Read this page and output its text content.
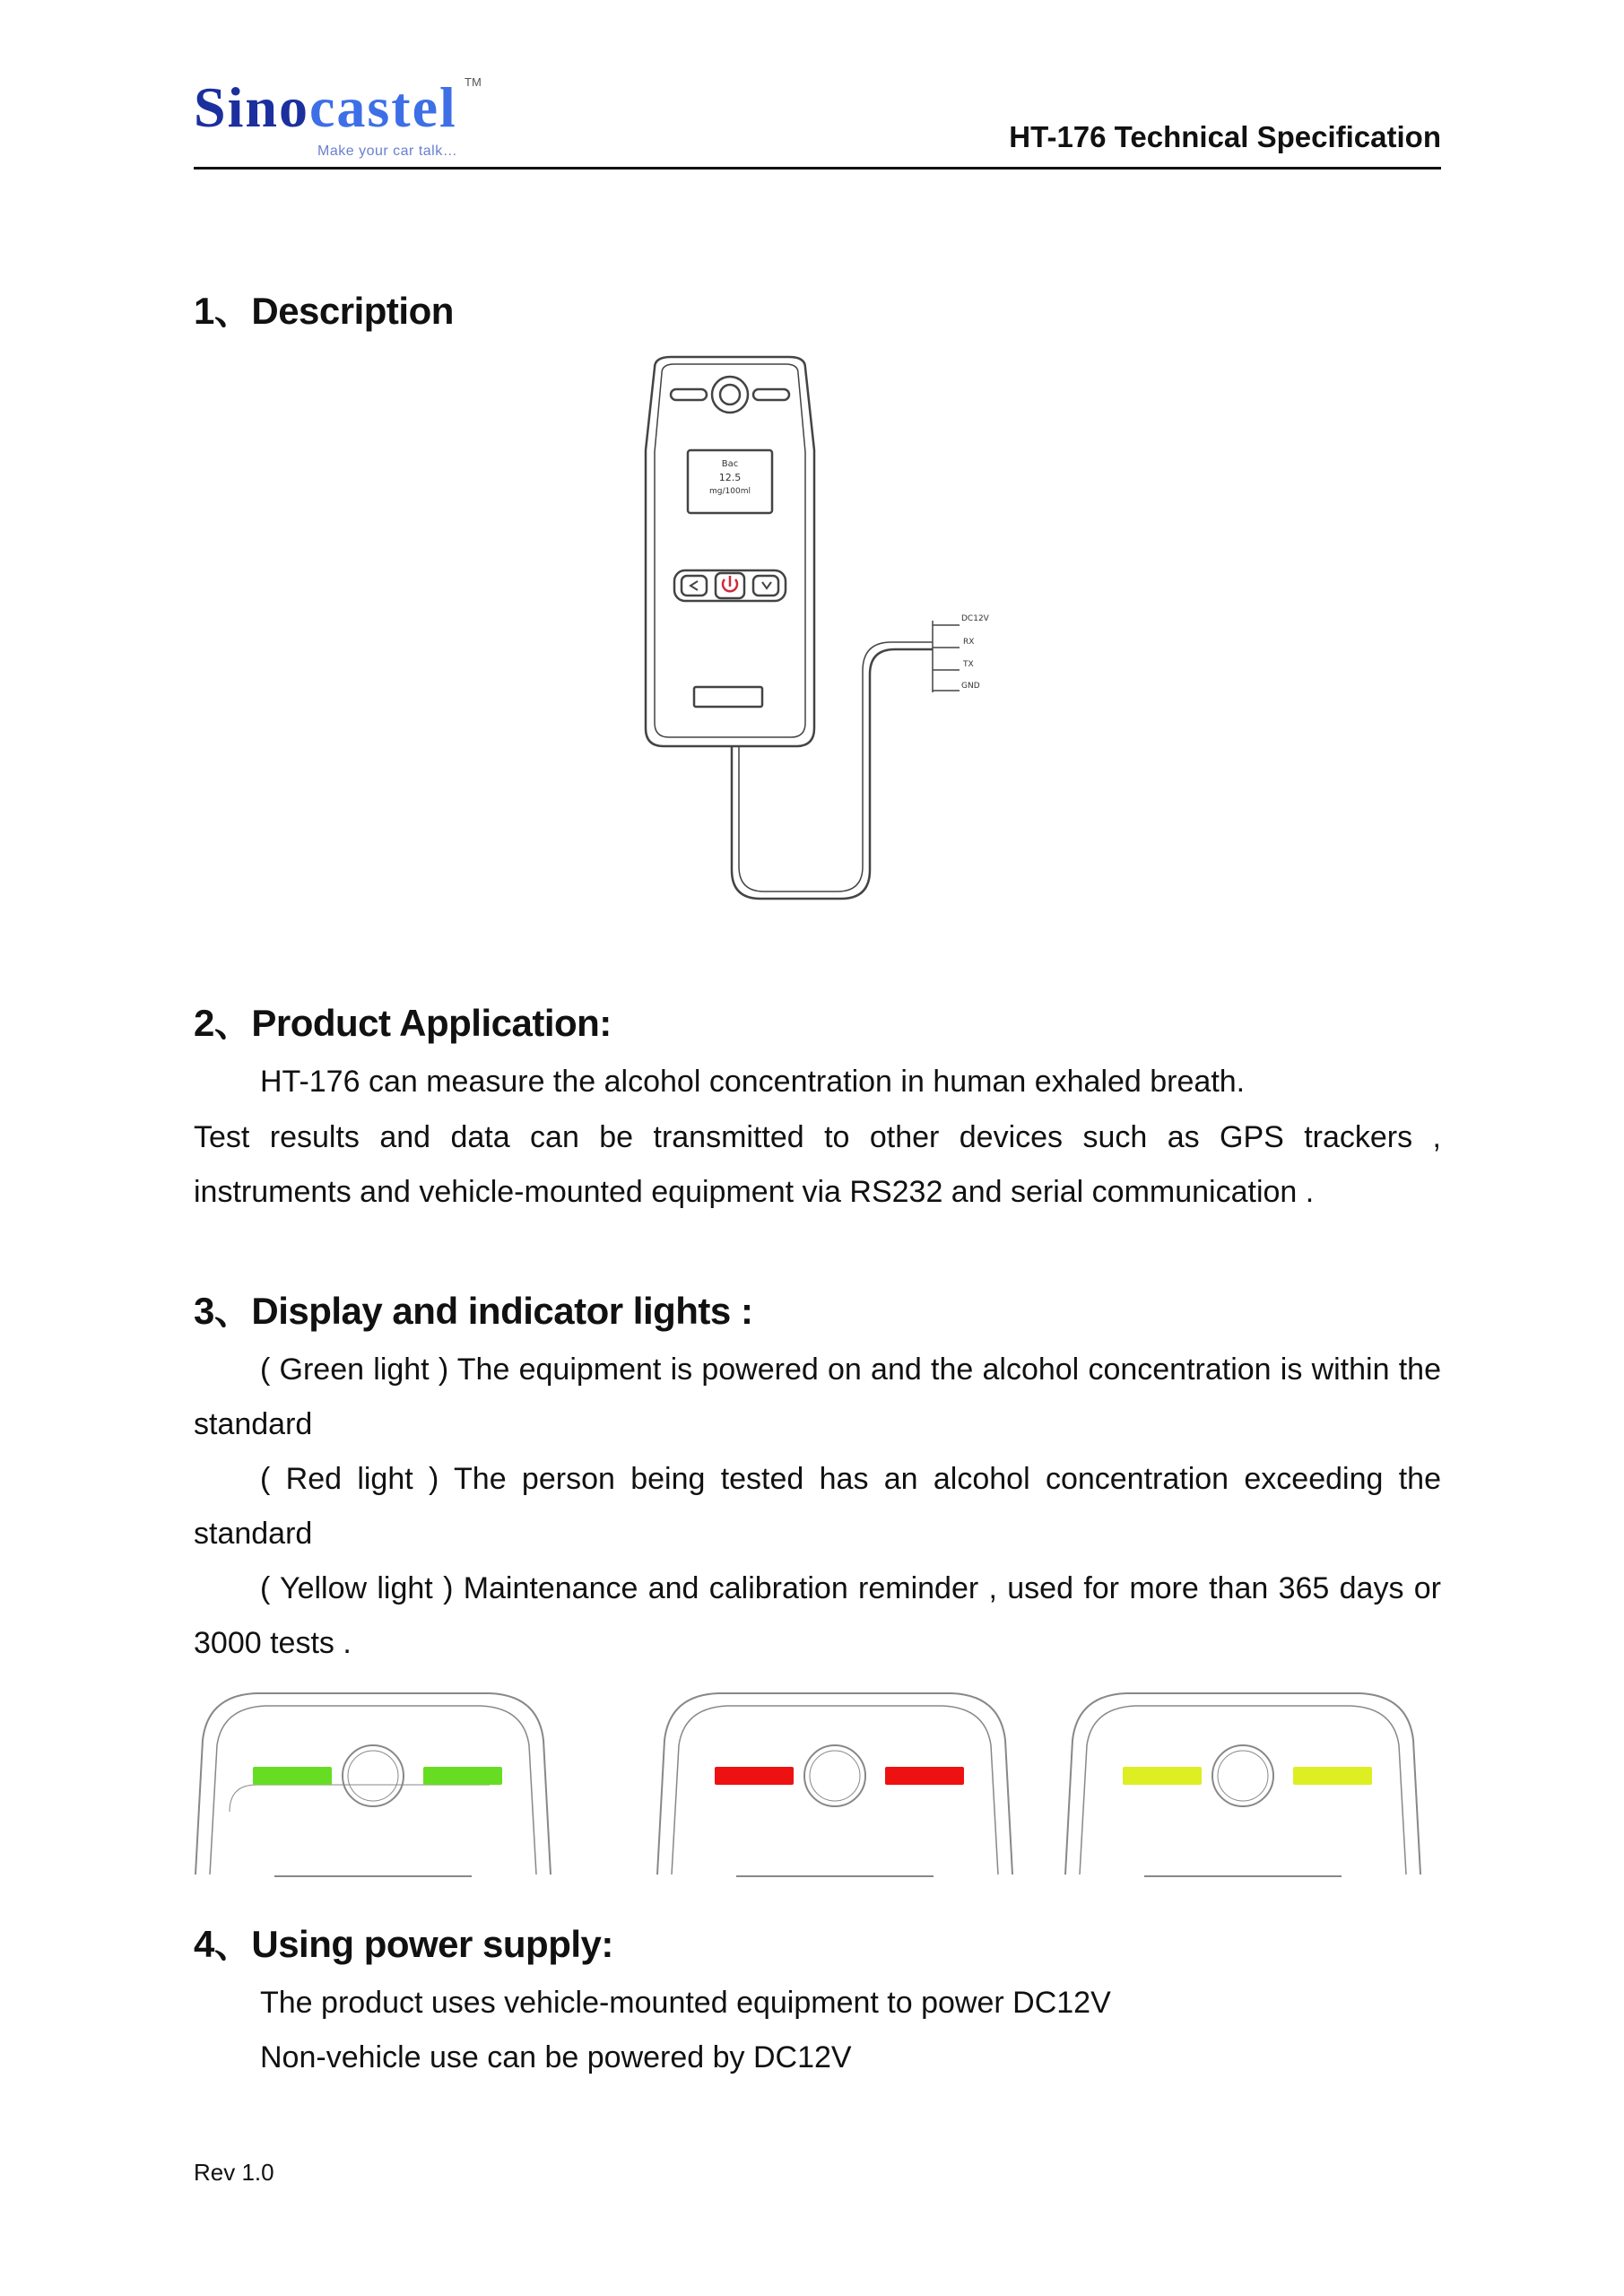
Sinocastel TM
Make your car talk…	HT-176 Technical Specification
1、Description
Bac
12.5
mg/100ml
DC12V
RX
TX
GND
2、Product Application:
HT-176 can measure the alcohol concentration in human exhaled breath.
Test results and data can be transmitted to other devices such as GPS trackers , instruments and vehicle-mounted equipment via RS232 and serial communication .
3、Display and indicator lights :
( Green light ) The equipment is powered on and the alcohol concentration is within the standard
( Red light ) The person being tested has an alcohol concentration exceeding the standard
( Yellow light ) Maintenance and calibration reminder , used for more than 365 days or 3000 tests .
4、Using power supply:
The product uses vehicle-mounted equipment to power DC12V
Non-vehicle use can be powered by DC12V
Rev 1.0
